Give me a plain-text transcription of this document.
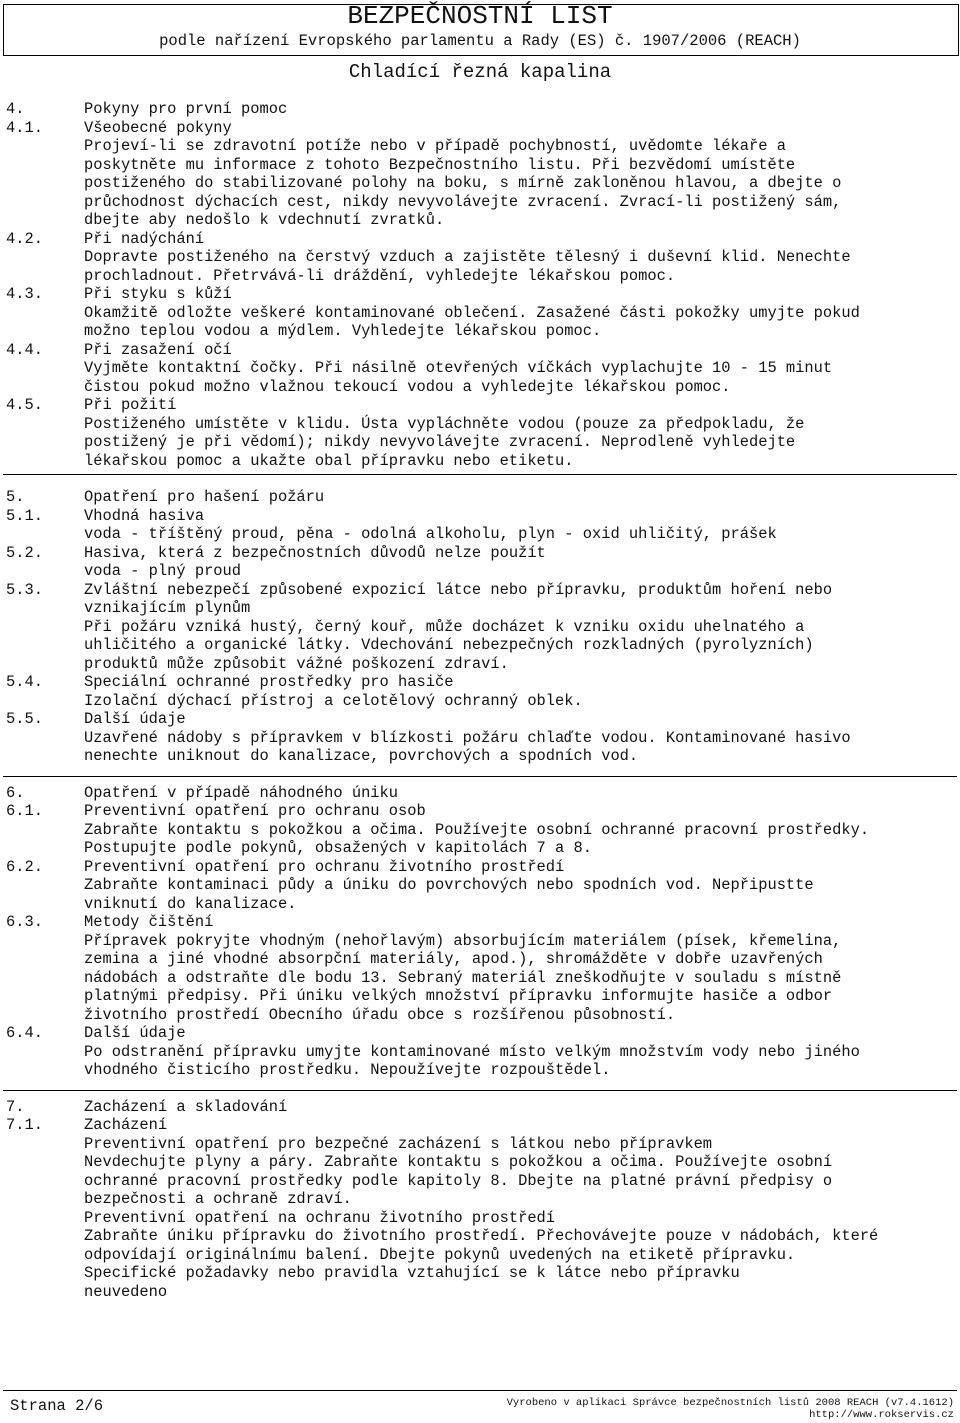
BEZPEČNOSTNÍ LIST
podle nařízení Evropského parlamentu a Rady (ES) č. 1907/2006 (REACH)
Chladící řezná kapalina
4.	Pokyny pro první pomoc
4.1.	Všeobecné pokyny
Projeví-li se zdravotní potíže nebo v případě pochybností, uvědomte lékaře a
poskytněte mu informace z tohoto Bezpečnostního listu. Při bezvědomí umístěte
postiženého do stabilizované polohy na boku, s mírně zakloněnou hlavou, a dbejte o
průchodnost dýchacích cest, nikdy nevyvolávejte zvracení. Zvrací-li postižený sám,
dbejte aby nedošlo k vdechnutí zvratků.
4.2.	Při nadýchání
Dopravte postiženého na čerstvý vzduch a zajistěte tělesný i duševní klid. Nenechte
prochladnout. Přetrvává-li dráždění, vyhledejte lékařskou pomoc.
4.3.	Při styku s kůží
Okamžitě odložte veškeré kontaminované oblečení. Zasažené části pokožky umyjte pokud
možno teplou vodou a mýdlem. Vyhledejte lékařskou pomoc.
4.4.	Při zasažení očí
Vyjměte kontaktní čočky. Při násilně otevřených víčkách vyplachujte 10 - 15 minut
čistou pokud možno vlažnou tekoucí vodou a vyhledejte lékařskou pomoc.
4.5.	Při požití
Postiženého umístěte v klidu. Ústa vypláchněte vodou (pouze za předpokladu, že
postižený je při vědomí); nikdy nevyvolávejte zvracení. Neprodleně vyhledejte
lékařskou pomoc a ukažte obal přípravku nebo etiketu.
5.	Opatření pro hašení požáru
5.1.	Vhodná hasiva
voda - tříštěný proud, pěna - odolná alkoholu, plyn - oxid uhličitý, prášek
5.2.	Hasiva, která z bezpečnostních důvodů nelze použít
voda - plný proud
5.3.	Zvláštní nebezpečí způsobené expozicí látce nebo přípravku, produktům hoření nebo
vznikajícím plynům
Při požáru vzniká hustý, černý kouř, může docházet k vzniku oxidu uhelnatého a
uhličitého a organické látky. Vdechování nebezpečných rozkladných (pyrolyzních)
produktů může způsobit vážné poškození zdraví.
5.4.	Speciální ochranné prostředky pro hasiče
Izolační dýchací přístroj a celotělový ochranný oblek.
5.5.	Další údaje
Uzavřené nádoby s přípravkem v blízkosti požáru chlaďte vodou. Kontaminované hasivo
nenechte uniknout do kanalizace, povrchových a spodních vod.
6.	Opatření v případě náhodného úniku
6.1.	Preventivní opatření pro ochranu osob
Zabraňte kontaktu s pokožkou a očima. Používejte osobní ochranné pracovní prostředky.
Postupujte podle pokynů, obsažených v kapitolách 7 a 8.
6.2.	Preventivní opatření pro ochranu životního prostředí
Zabraňte kontaminaci půdy a úniku do povrchových nebo spodních vod. Nepřipustte
vniknutí do kanalizace.
6.3.	Metody čištění
Přípravek pokryjte vhodným (nehořlavým) absorbujícím materiálem (písek, křemelina,
zemina a jiné vhodné absorpční materiály, apod.), shromážděte v dobře uzavřených
nádobách a odstraňte dle bodu 13. Sebraný materiál zneškodňujte v souladu s místně
platnými předpisy. Při úniku velkých množství přípravku informujte hasiče a odbor
životního prostředí Obecního úřadu obce s rozšířenou působností.
6.4.	Další údaje
Po odstranění přípravku umyjte kontaminované místo velkým množstvím vody nebo jiného
vhodného čisticího prostředku. Nepoužívejte rozpouštědel.
7.	Zacházení a skladování
7.1.	Zacházení
Preventivní opatření pro bezpečné zacházení s látkou nebo přípravkem
Nevdechujte plyny a páry. Zabraňte kontaktu s pokožkou a očima. Používejte osobní
ochranné pracovní prostředky podle kapitoly 8. Dbejte na platné právní předpisy o
bezpečnosti a ochraně zdraví.
Preventivní opatření na ochranu životního prostředí
Zabraňte úniku přípravku do životního prostředí. Přechovávejte pouze v nádobách, které
odpovídají originálnímu balení. Dbejte pokynů uvedených na etiketě přípravku.
Specifické požadavky nebo pravidla vztahující se k látce nebo přípravku
neuvedeno
Strana 2/6	Vyrobeno v aplikaci Správce bezpečnostních listů 2008 REACH (v7.4.1612)
http://www.rokservis.cz
